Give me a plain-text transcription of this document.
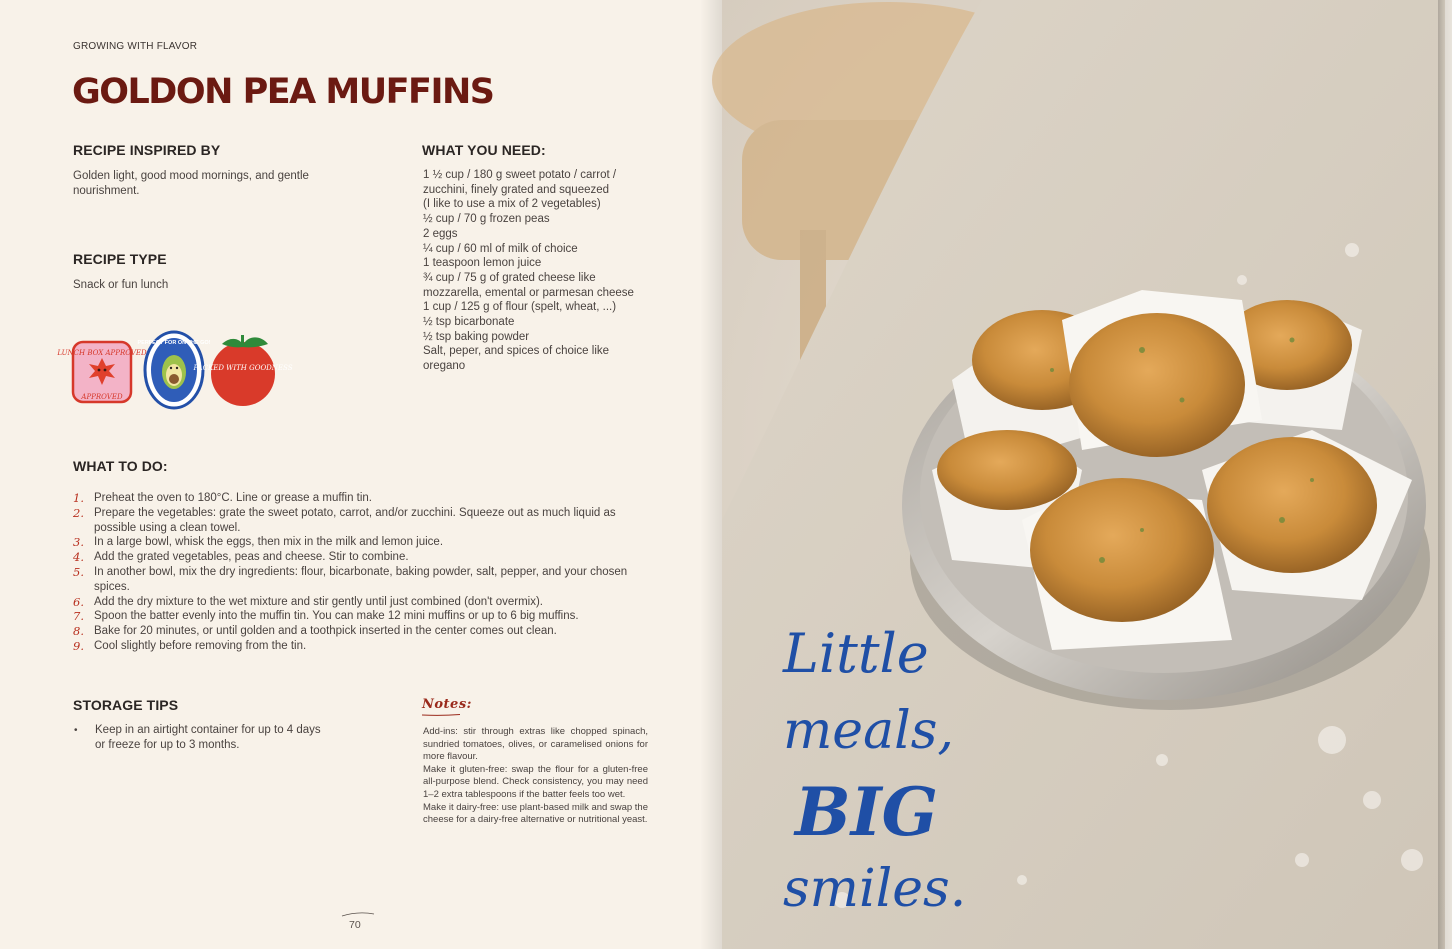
GROWING WITH FLAVOR
GOLDON PEA MUFFINS
RECIPE INSPIRED BY

Golden light, good mood mornings, and gentle nourishment.

RECIPE TYPE

Snack or fun lunch

LUNCH BOX APPROVED
APPROVED
PERFECT FOR ON THE GO!
PACKED WITH GOODNESS
WHAT YOU NEED:
1 ½ cup / 180 g sweet potato / carrot /
zucchini, finely grated and squeezed
(I like to use a mix of 2 vegetables)
½ cup / 70 g frozen peas
2 eggs
¼ cup / 60 ml of milk of choice
1 teaspoon lemon juice
¾ cup / 75 g of grated cheese like
mozzarella, emental or parmesan cheese
1 cup / 125 g of flour (spelt, wheat, ...)
½ tsp bicarbonate
½ tsp baking powder
Salt, peper, and spices of choice like
oregano
WHAT TO DO:
1. Preheat the oven to 180°C. Line or grease a muffin tin.
2. Prepare the vegetables: grate the sweet potato, carrot, and/or zucchini. Squeeze out as much liquid as possible using a clean towel.
3. In a large bowl, whisk the eggs, then mix in the milk and lemon juice.
4. Add the grated vegetables, peas and cheese. Stir to combine.
5. In another bowl, mix the dry ingredients: flour, bicarbonate, baking powder, salt, pepper, and your chosen spices.
6. Add the dry mixture to the wet mixture and stir gently until just combined (don't overmix).
7. Spoon the batter evenly into the muffin tin. You can make 12 mini muffins or up to 6 big muffins.
8. Bake for 20 minutes, or until golden and a toothpick inserted in the center comes out clean.
9. Cool slightly before removing from the tin.
STORAGE TIPS
• Keep in an airtight container for up to 4 days or freeze for up to 3 months.
Notes:

Add-ins: stir through extras like chopped spinach, sundried tomatoes, olives, or caramelised onions for more flavour.

Make it gluten-free: swap the flour for a gluten-free all-purpose blend. Check consistency, you may need 1–2 extra tablespoons if the batter feels too wet.

Make it dairy-free: use plant-based milk and swap the cheese for a dairy-free alternative or nutritional yeast.

70
Little
meals,
BIG
smiles.
